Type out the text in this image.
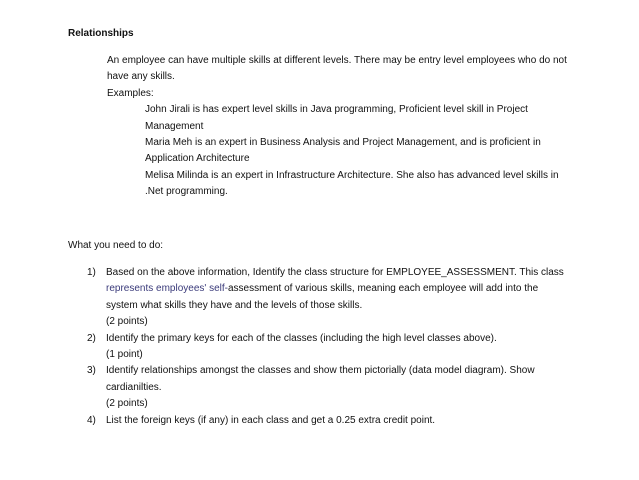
Relationships

An employee can have multiple skills at different levels. There may be entry level employees who do not have any skills.

Examples:

John Jirali is has expert level skills in Java programming, Proficient level skill in Project Management

Maria Meh is an expert in Business Analysis and Project Management, and is proficient in Application Architecture

Melisa Milinda is an expert in Infrastructure Architecture. She also has advanced level skills in .Net programming.

What you need to do:
1) Based on the above information, Identify the class structure for EMPLOYEE_ASSESSMENT. This class represents employees' self-assessment of various skills, meaning each employee will add into the system what skills they have and the levels of those skills.
(2 points)
2) Identify the primary keys for each of the classes (including the high level classes above).
(1 point)
3) Identify relationships amongst the classes and show them pictorially (data model diagram). Show cardianilties.
(2 points)
4) List the foreign keys (if any) in each class and get a 0.25 extra credit point.
